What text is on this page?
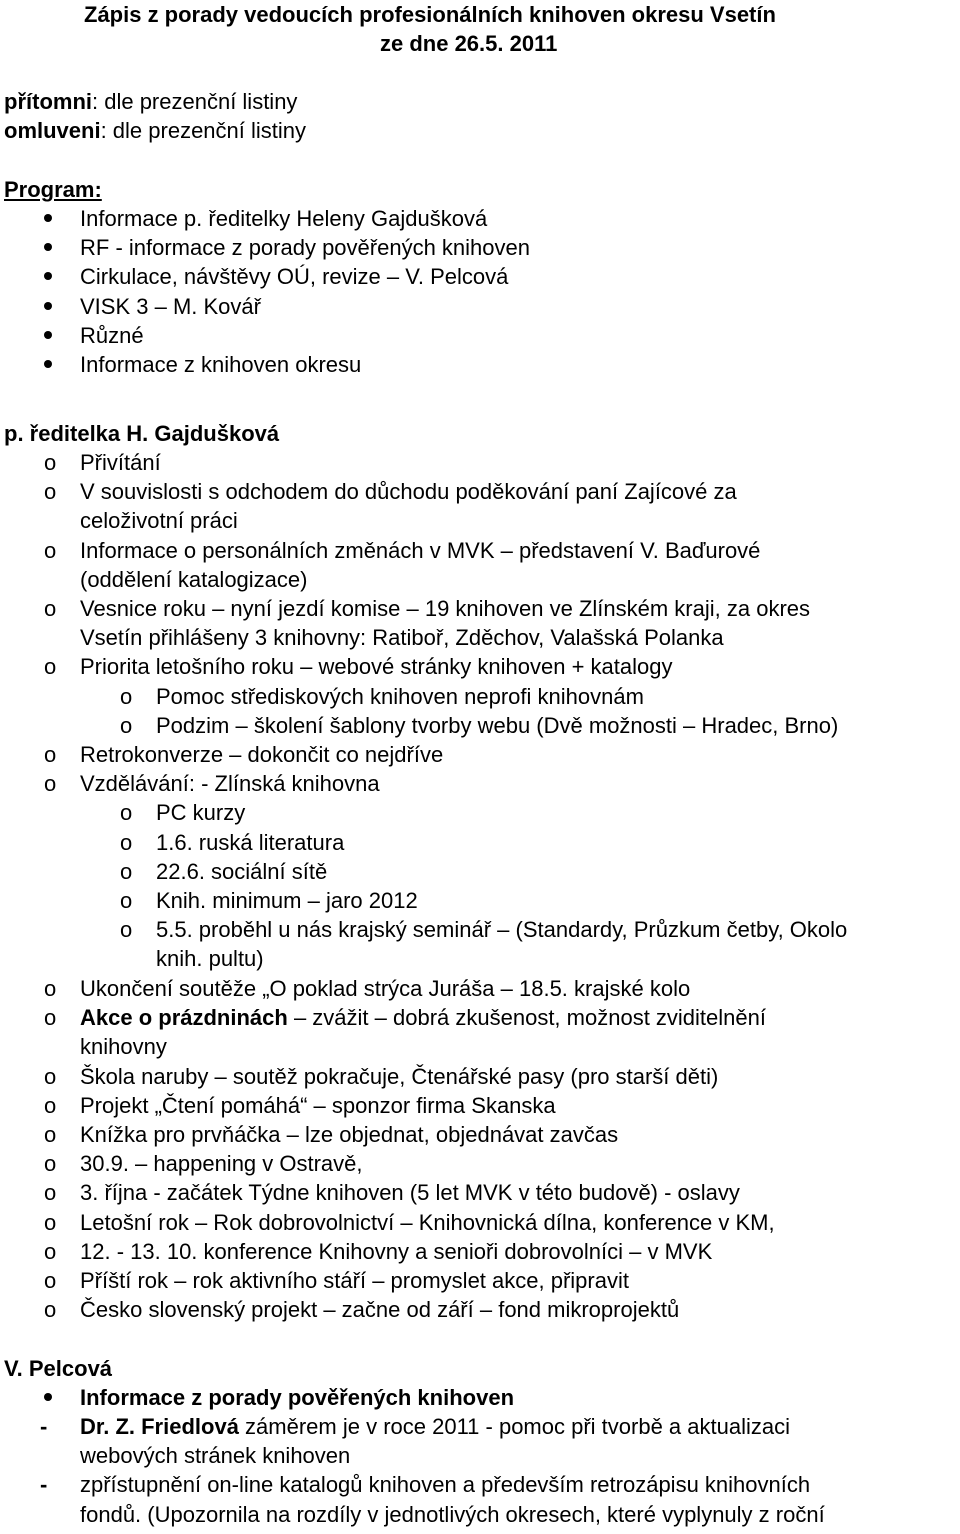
Zápis z porady vedoucích profesionálních knihoven okresu Vsetín
ze dne 26.5. 2011
přítomni: dle prezenční listiny
omluveni: dle prezenční listiny
Program:
Informace p. ředitelky Heleny Gajdušková
RF - informace z porady pověřených knihoven
Cirkulace, návštěvy OÚ, revize – V. Pelcová
VISK 3 – M. Kovář
Různé
Informace z knihoven okresu
p. ředitelka H. Gajdušková
o Přivítání
o V souvislosti s odchodem do důchodu poděkování paní Zajícové za
celoživotní práci
o Informace o personálních změnách v MVK – představení V. Baďurové
(oddělení katalogizace)
o Vesnice roku – nyní jezdí komise – 19 knihoven ve Zlínském kraji, za okres
Vsetín přihlášeny 3 knihovny: Ratiboř, Zděchov, Valašská Polanka
o Priorita letošního roku – webové stránky knihoven + katalogy
o Pomoc střediskových knihoven neprofi knihovnám
o Podzim – školení šablony tvorby webu (Dvě možnosti – Hradec, Brno)
o Retrokonverze – dokončit co nejdříve
o Vzdělávání: - Zlínská knihovna
o PC kurzy
o 1.6. ruská literatura
o 22.6. sociální sítě
o Knih. minimum – jaro 2012
o 5.5. proběhl u nás krajský seminář – (Standardy, Průzkum četby, Okolo
knih. pultu)
o Ukončení soutěže „O poklad strýca Juráša – 18.5. krajské kolo
o Akce o prázdninách – zvážit – dobrá zkušenost, možnost zviditelnění
knihovny
o Škola naruby – soutěž pokračuje, Čtenářské pasy (pro starší děti)
o Projekt „Čtení pomáhá“ – sponzor firma Skanska
o Knížka pro prvňáčka – lze objednat, objednávat zavčas
o 30.9. – happening v Ostravě,
o 3. října - začátek Týdne knihoven (5 let MVK v této budově) - oslavy
o Letošní rok – Rok dobrovolnictví – Knihovnická dílna, konference v KM,
o 12. - 13. 10. konference Knihovny a senioři dobrovolníci – v MVK
o Příští rok – rok aktivního stáří – promyslet akce, připravit
o Česko slovenský projekt – začne od září – fond mikroprojektů
V. Pelcová
Informace z porady pověřených knihoven
- Dr. Z. Friedlová záměrem je v roce 2011 - pomoc při tvorbě a aktualizaci
webových stránek knihoven
- zpřístupnění on-line katalogů knihoven a především retrozápisu knihovních
fondů. (Upozornila na rozdíly v jednotlivých okresech, které vyplynuly z roční
